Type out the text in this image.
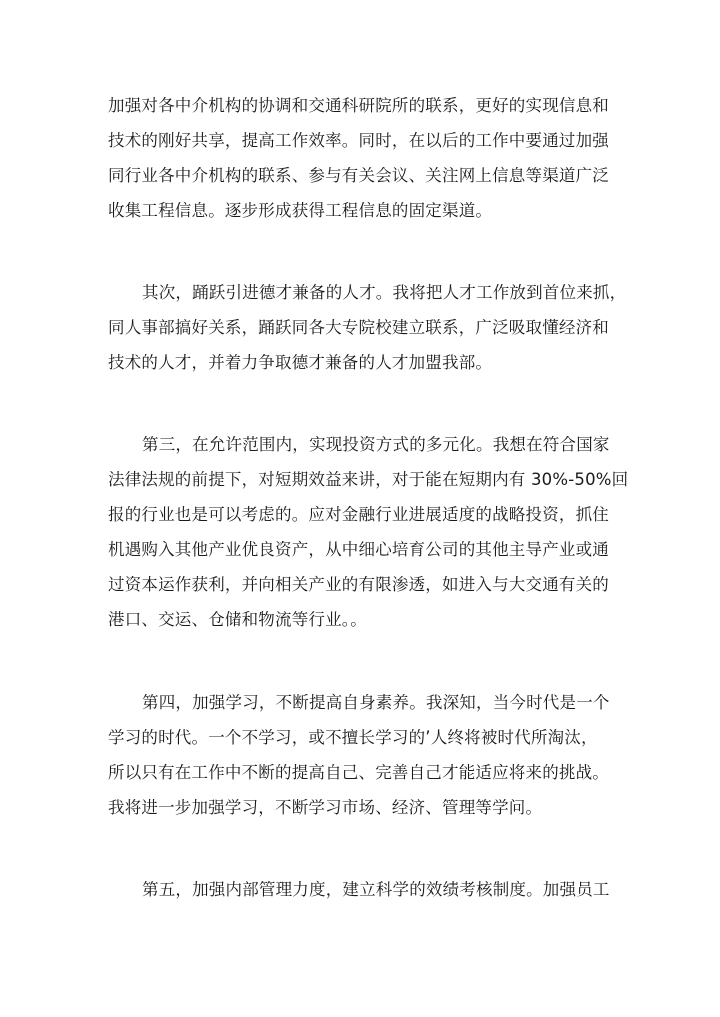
加强对各中介机构的协调和交通科研院所的联系，更好的实现信息和
技术的刚好共享，提高工作效率。同时，在以后的工作中要通过加强
同行业各中介机构的联系、参与有关会议、关注网上信息等渠道广泛
收集工程信息。逐步形成获得工程信息的固定渠道。
其次，踊跃引进德才兼备的人才。我将把人才工作放到首位来抓，
同人事部搞好关系，踊跃同各大专院校建立联系，广泛吸取懂经济和
技术的人才，并着力争取德才兼备的人才加盟我部。
第三，在允许范围内，实现投资方式的多元化。我想在符合国家
法律法规的前提下，对短期效益来讲，对于能在短期内有 30%-50%回
报的行业也是可以考虑的。应对金融行业进展适度的战略投资，抓住
机遇购入其他产业优良资产，从中细心培育公司的其他主导产业或通
过资本运作获利，并向相关产业的有限渗透，如进入与大交通有关的
港口、交运、仓储和物流等行业。。
第四，加强学习，不断提高自身素养。我深知，当今时代是一个
学习的时代。一个不学习，或不擅长学习的’人终将被时代所淘汰，
所以只有在工作中不断的提高自己、完善自己才能适应将来的挑战。
我将进一步加强学习，不断学习市场、经济、管理等学问。
第五，加强内部管理力度，建立科学的效绩考核制度。加强员工
